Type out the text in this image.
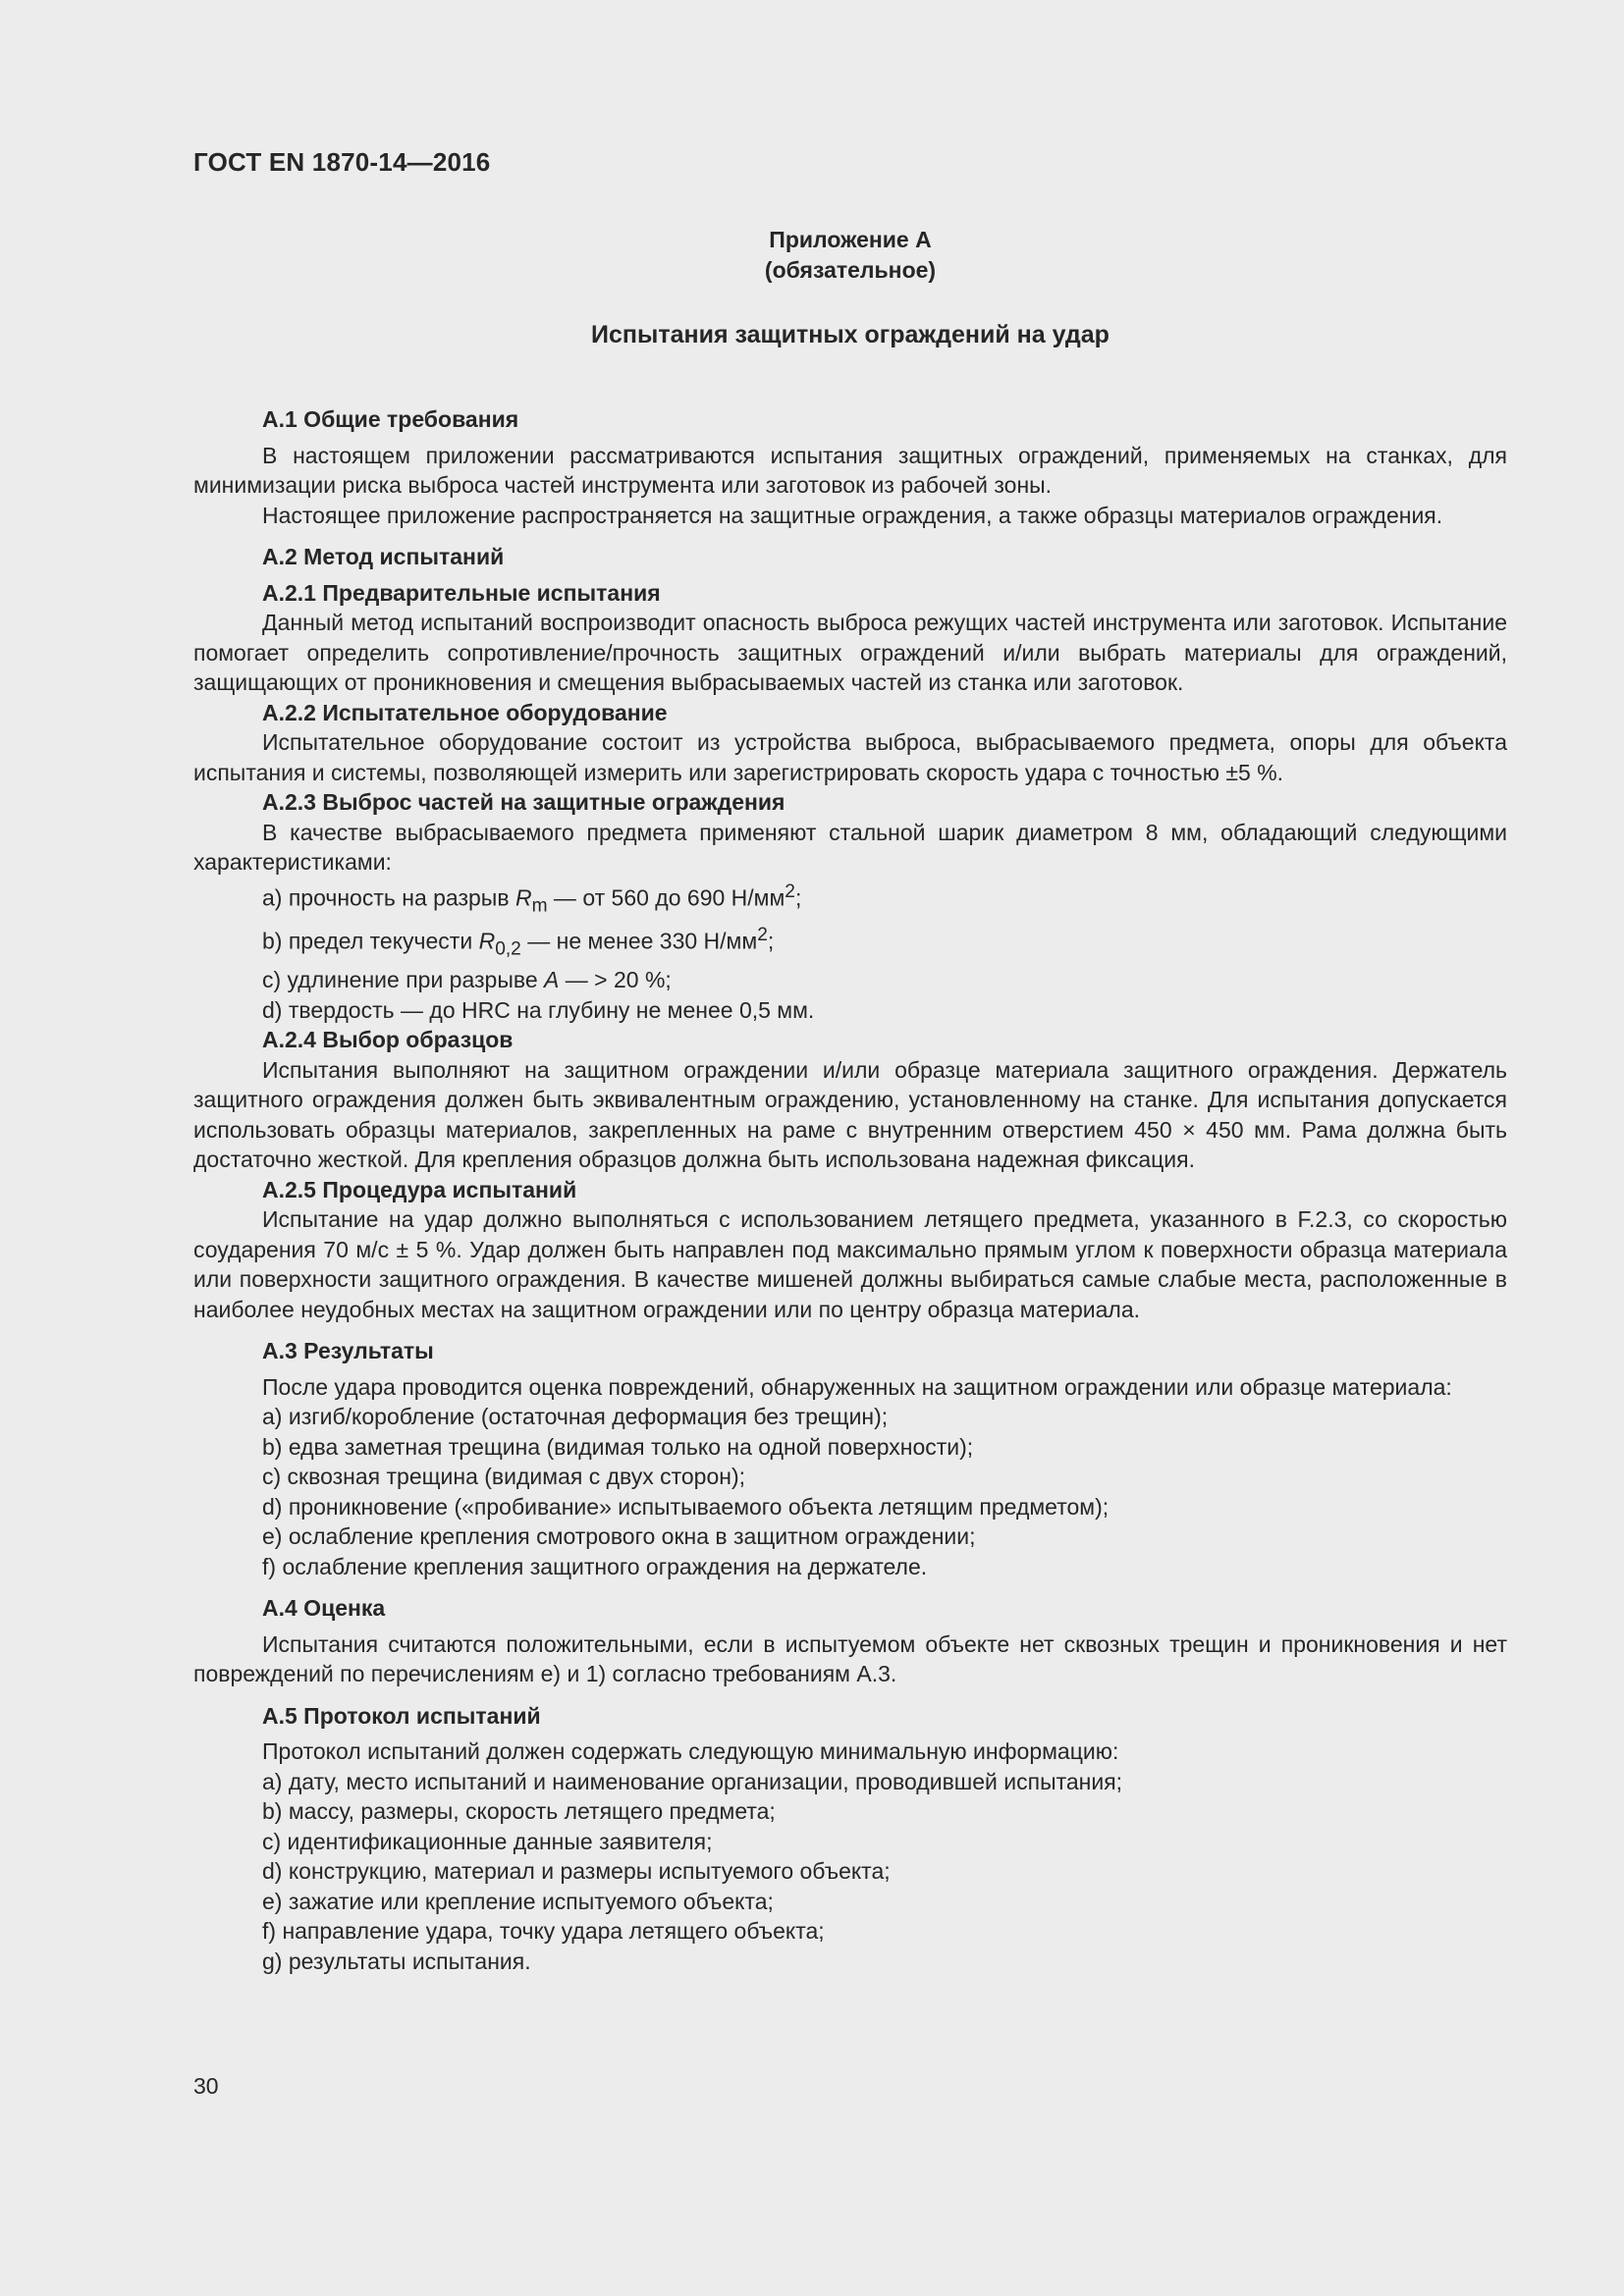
ГОСТ EN 1870-14—2016

Приложение А
(обязательное)

Испытания защитных ограждений на удар

А.1 Общие требования

В настоящем приложении рассматриваются испытания защитных ограждений, применяемых на станках, для минимизации риска выброса частей инструмента или заготовок из рабочей зоны.

Настоящее приложение распространяется на защитные ограждения, а также образцы материалов ограждения.

А.2 Метод испытаний

А.2.1 Предварительные испытания

Данный метод испытаний воспроизводит опасность выброса режущих частей инструмента или заготовок. Испытание помогает определить сопротивление/прочность защитных ограждений и/или выбрать материалы для ограждений, защищающих от проникновения и смещения выбрасываемых частей из станка или заготовок.

А.2.2 Испытательное оборудование

Испытательное оборудование состоит из устройства выброса, выбрасываемого предмета, опоры для объекта испытания и системы, позволяющей измерить или зарегистрировать скорость удара с точностью ±5 %.

А.2.3 Выброс частей на защитные ограждения

В качестве выбрасываемого предмета применяют стальной шарик диаметром 8 мм, обладающий следующими характеристиками:

a) прочность на разрыв $R_m$ — от 560 до 690 $Н/мм^2$;

b) предел текучести $R_{0,2}$ — не менее 330 $Н/мм^2$;

c) удлинение при разрыве A — > 20 %;

d) твердость — до HRC на глубину не менее 0,5 мм.

А.2.4 Выбор образцов

Испытания выполняют на защитном ограждении и/или образце материала защитного ограждения. Держатель защитного ограждения должен быть эквивалентным ограждению, установленному на станке. Для испытания допускается использовать образцы материалов, закрепленных на раме с внутренним отверстием 450 × 450 мм. Рама должна быть достаточно жесткой. Для крепления образцов должна быть использована надежная фиксация.

А.2.5 Процедура испытаний

Испытание на удар должно выполняться с использованием летящего предмета, указанного в F.2.3, со скоростью соударения 70 м/с ± 5 %. Удар должен быть направлен под максимально прямым углом к поверхности образца материала или поверхности защитного ограждения. В качестве мишеней должны выбираться самые слабые места, расположенные в наиболее неудобных местах на защитном ограждении или по центру образца материала.

А.3 Результаты

После удара проводится оценка повреждений, обнаруженных на защитном ограждении или образце материала:

a) изгиб/коробление (остаточная деформация без трещин);

b) едва заметная трещина (видимая только на одной поверхности);

c) сквозная трещина (видимая с двух сторон);

d) проникновение («пробивание» испытываемого объекта летящим предметом);

e) ослабление крепления смотрового окна в защитном ограждении;

f) ослабление крепления защитного ограждения на держателе.

А.4 Оценка

Испытания считаются положительными, если в испытуемом объекте нет сквозных трещин и проникновения и нет повреждений по перечислениям е) и 1) согласно требованиям А.3.

А.5 Протокол испытаний

Протокол испытаний должен содержать следующую минимальную информацию:

a) дату, место испытаний и наименование организации, проводившей испытания;

b) массу, размеры, скорость летящего предмета;

c) идентификационные данные заявителя;

d) конструкцию, материал и размеры испытуемого объекта;

e) зажатие или крепление испытуемого объекта;

f) направление удара, точку удара летящего объекта;

g) результаты испытания.

30
